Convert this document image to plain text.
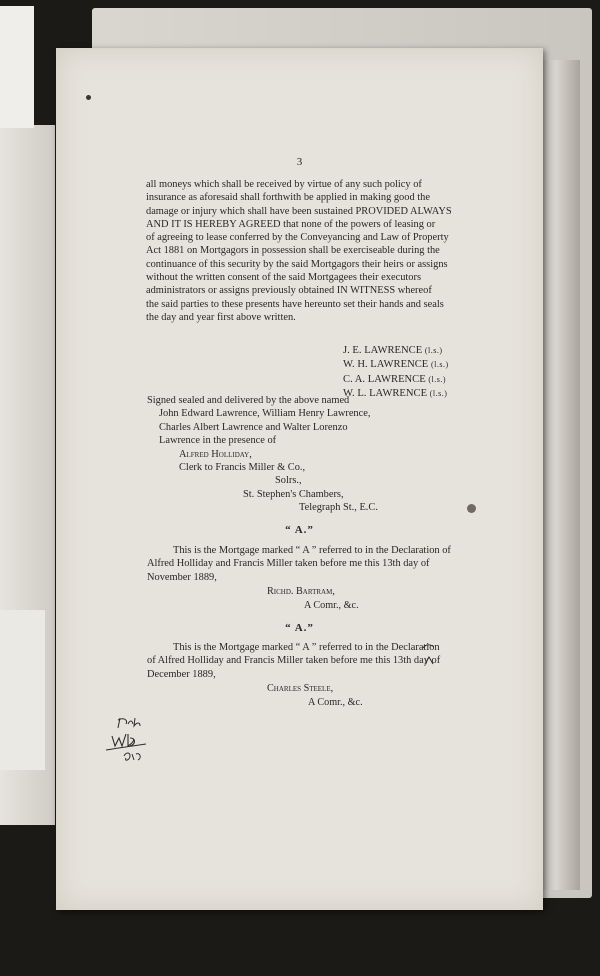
3
all moneys which shall be received by virtue of any such policy of
insurance as aforesaid shall forthwith be applied in making good the
damage or injury which shall have been sustained PROVIDED ALWAYS
AND IT IS HEREBY AGREED that none of the powers of leasing or
of agreeing to lease conferred by the Conveyancing and Law of Property
Act 1881 on Mortgagors in possession shall be exerciseable during the
continuance of this security by the said Mortgagors their heirs or assigns
without the written consent of the said Mortgagees their executors
administrators or assigns previously obtained IN WITNESS whereof
the said parties to these presents have hereunto set their hands and seals
the day and year first above written.
J. E. LAWRENCE (l.s.)
W. H. LAWRENCE (l.s.)
C. A. LAWRENCE (l.s.)
W. L. LAWRENCE (l.s.)
Signed sealed and delivered by the above named
John Edward Lawrence, William Henry Lawrence,
Charles Albert Lawrence and Walter Lorenzo
Lawrence in the presence of
Alfred Holliday,
Clerk to Francis Miller & Co.,
Solrs.,
St. Stephen's Chambers,
Telegraph St., E.C.
“ A.”
This is the Mortgage marked “ A ” referred to in the Declaration of
Alfred Holliday and Francis Miller taken before me this 13th day of
November 1889,
Richd. Bartram,
A Comr., &c.
“ A.”
This is the Mortgage marked “ A ” referred to in the Declaration
of Alfred Holliday and Francis Miller taken before me this 13th day of
December 1889,
Charles Steele,
A Comr., &c.
